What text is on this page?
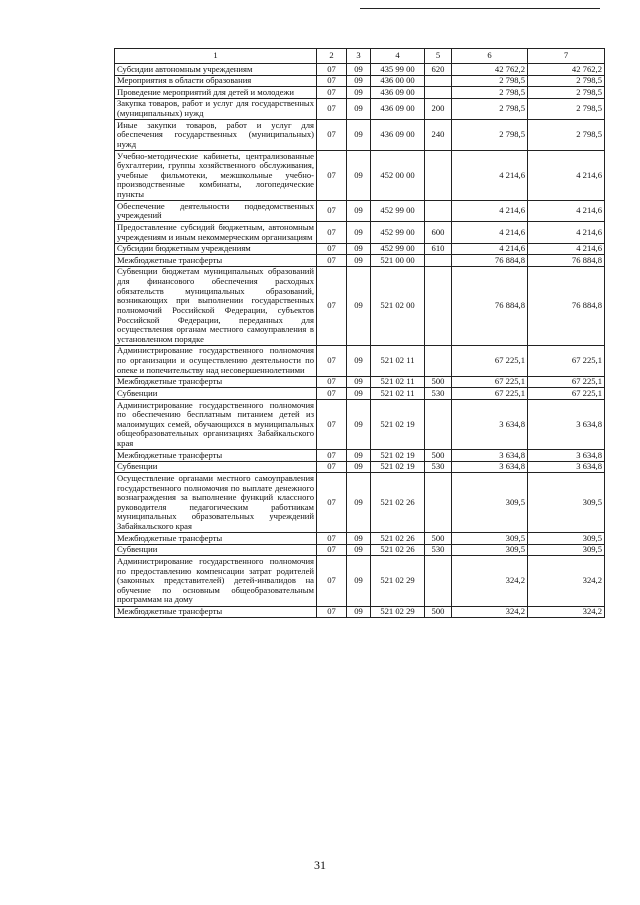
1	2	3	4	5	6	7
Субсидии автономным учреждениям	07	09	435 99 00	620	42 762,2	42 762,2
Мероприятия в области образования	07	09	436 00 00		2 798,5	2 798,5
Проведение мероприятий для детей и молодежи	07	09	436 09 00		2 798,5	2 798,5
Закупка товаров, работ и услуг для государственных (муниципальных) нужд	07	09	436 09 00	200	2 798,5	2 798,5
Иные закупки товаров, работ и услуг для обеспечения государственных (муниципальных) нужд	07	09	436 09 00	240	2 798,5	2 798,5
Учебно-методические кабинеты, централизованные бухгалтерии, группы хозяйственного обслуживания, учебные фильмотеки, межшкольные учебно-производственные комбинаты, логопедические пункты	07	09	452 00 00		4 214,6	4 214,6
Обеспечение деятельности подведомственных учреждений	07	09	452 99 00		4 214,6	4 214,6
Предоставление субсидий бюджетным, автономным учреждениям и иным некоммерческим организациям	07	09	452 99 00	600	4 214,6	4 214,6
Субсидии бюджетным учреждениям	07	09	452 99 00	610	4 214,6	4 214,6
Межбюджетные трансферты	07	09	521 00 00		76 884,8	76 884,8
Субвенции бюджетам муниципальных образований для финансового обеспечения расходных обязательств муниципальных образований, возникающих при выполнении государственных полномочий Российской Федерации, субъектов Российской Федерации, переданных для осуществления органам местного самоуправления в установленном порядке	07	09	521 02 00		76 884,8	76 884,8
Администрирование государственного полномочия по организации и осуществлению деятельности по опеке и попечительству над несовершеннолетними	07	09	521 02 11		67 225,1	67 225,1
Межбюджетные трансферты	07	09	521 02 11	500	67 225,1	67 225,1
Субвенции	07	09	521 02 11	530	67 225,1	67 225,1
Администрирование государственного полномочия по обеспечению бесплатным питанием детей из малоимущих семей, обучающихся в муниципальных общеобразовательных организациях Забайкальского края	07	09	521 02 19		3 634,8	3 634,8
Межбюджетные трансферты	07	09	521 02 19	500	3 634,8	3 634,8
Субвенции	07	09	521 02 19	530	3 634,8	3 634,8
Осуществление органами местного самоуправления государственного полномочия по выплате денежного вознаграждения за выполнение функций классного руководителя педагогическим работникам муниципальных образовательных учреждений Забайкальского края	07	09	521 02 26		309,5	309,5
Межбюджетные трансферты	07	09	521 02 26	500	309,5	309,5
Субвенции	07	09	521 02 26	530	309,5	309,5
Администрирование государственного полномочия по предоставлению компенсации затрат родителей (законных представителей) детей-инвалидов на обучение по основным общеобразовательным программам на дому	07	09	521 02 29		324,2	324,2
Межбюджетные трансферты	07	09	521 02 29	500	324,2	324,2
31
